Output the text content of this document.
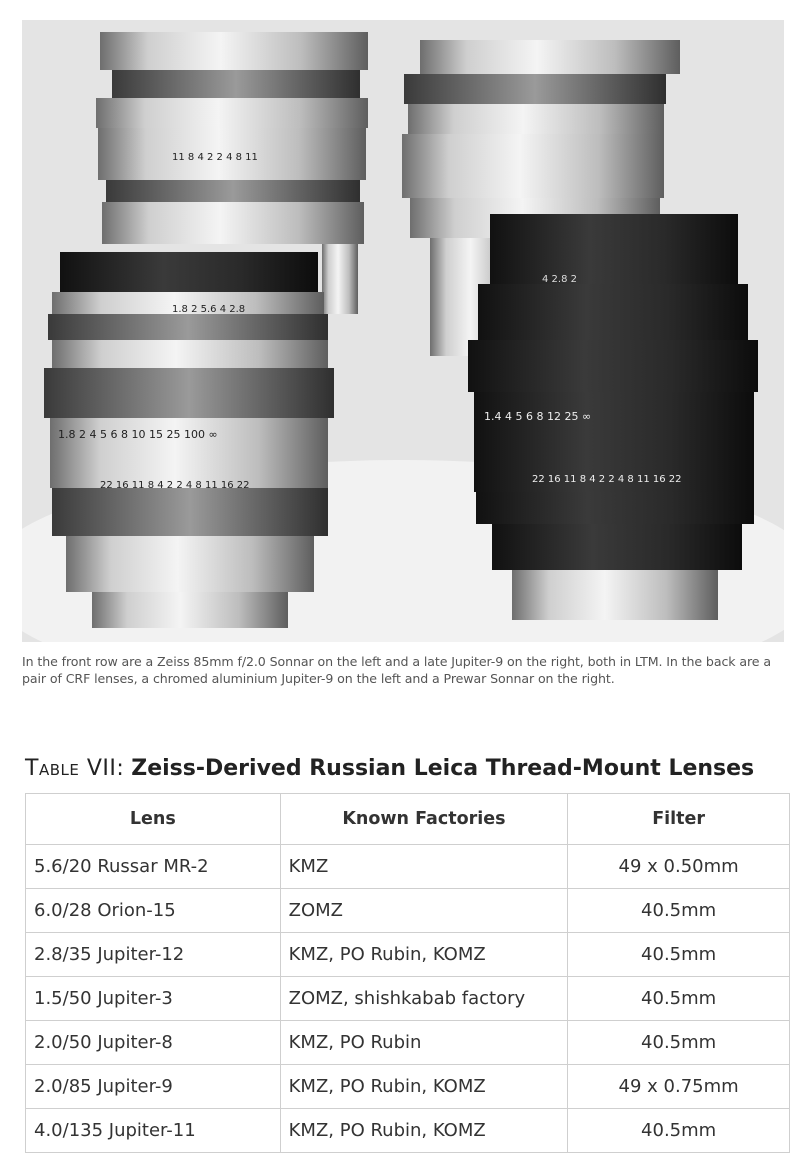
11 8 4 2 2 4 8 11
1.8 2 5.6 4 2.8
1.8 2 4 5 6 8 10 15 25 100 ∞
22 16 11 8 4 2 2 4 8 11 16 22
4 2.8 2
1.4 4 5 6 8 12 25 ∞
22 16 11 8 4 2 2 4 8 11 16 22
In the front row are a Zeiss 85mm f/2.0 Sonnar on the left and a late Jupiter-9 on the right, both in LTM. In the back are a pair of CRF lenses, a chromed aluminium Jupiter-9 on the left and a Prewar Sonnar on the right.
Table VII: Zeiss-Derived Russian Leica Thread-Mount Lenses
Lens	Known Factories	Filter
5.6/20 Russar MR-2	KMZ	49 x 0.50mm
6.0/28 Orion-15	ZOMZ	40.5mm
2.8/35 Jupiter-12	KMZ, PO Rubin, KOMZ	40.5mm
1.5/50 Jupiter-3	ZOMZ, shishkabab factory	40.5mm
2.0/50 Jupiter-8	KMZ, PO Rubin	40.5mm
2.0/85 Jupiter-9	KMZ, PO Rubin, KOMZ	49 x 0.75mm
4.0/135 Jupiter-11	KMZ, PO Rubin, KOMZ	40.5mm
